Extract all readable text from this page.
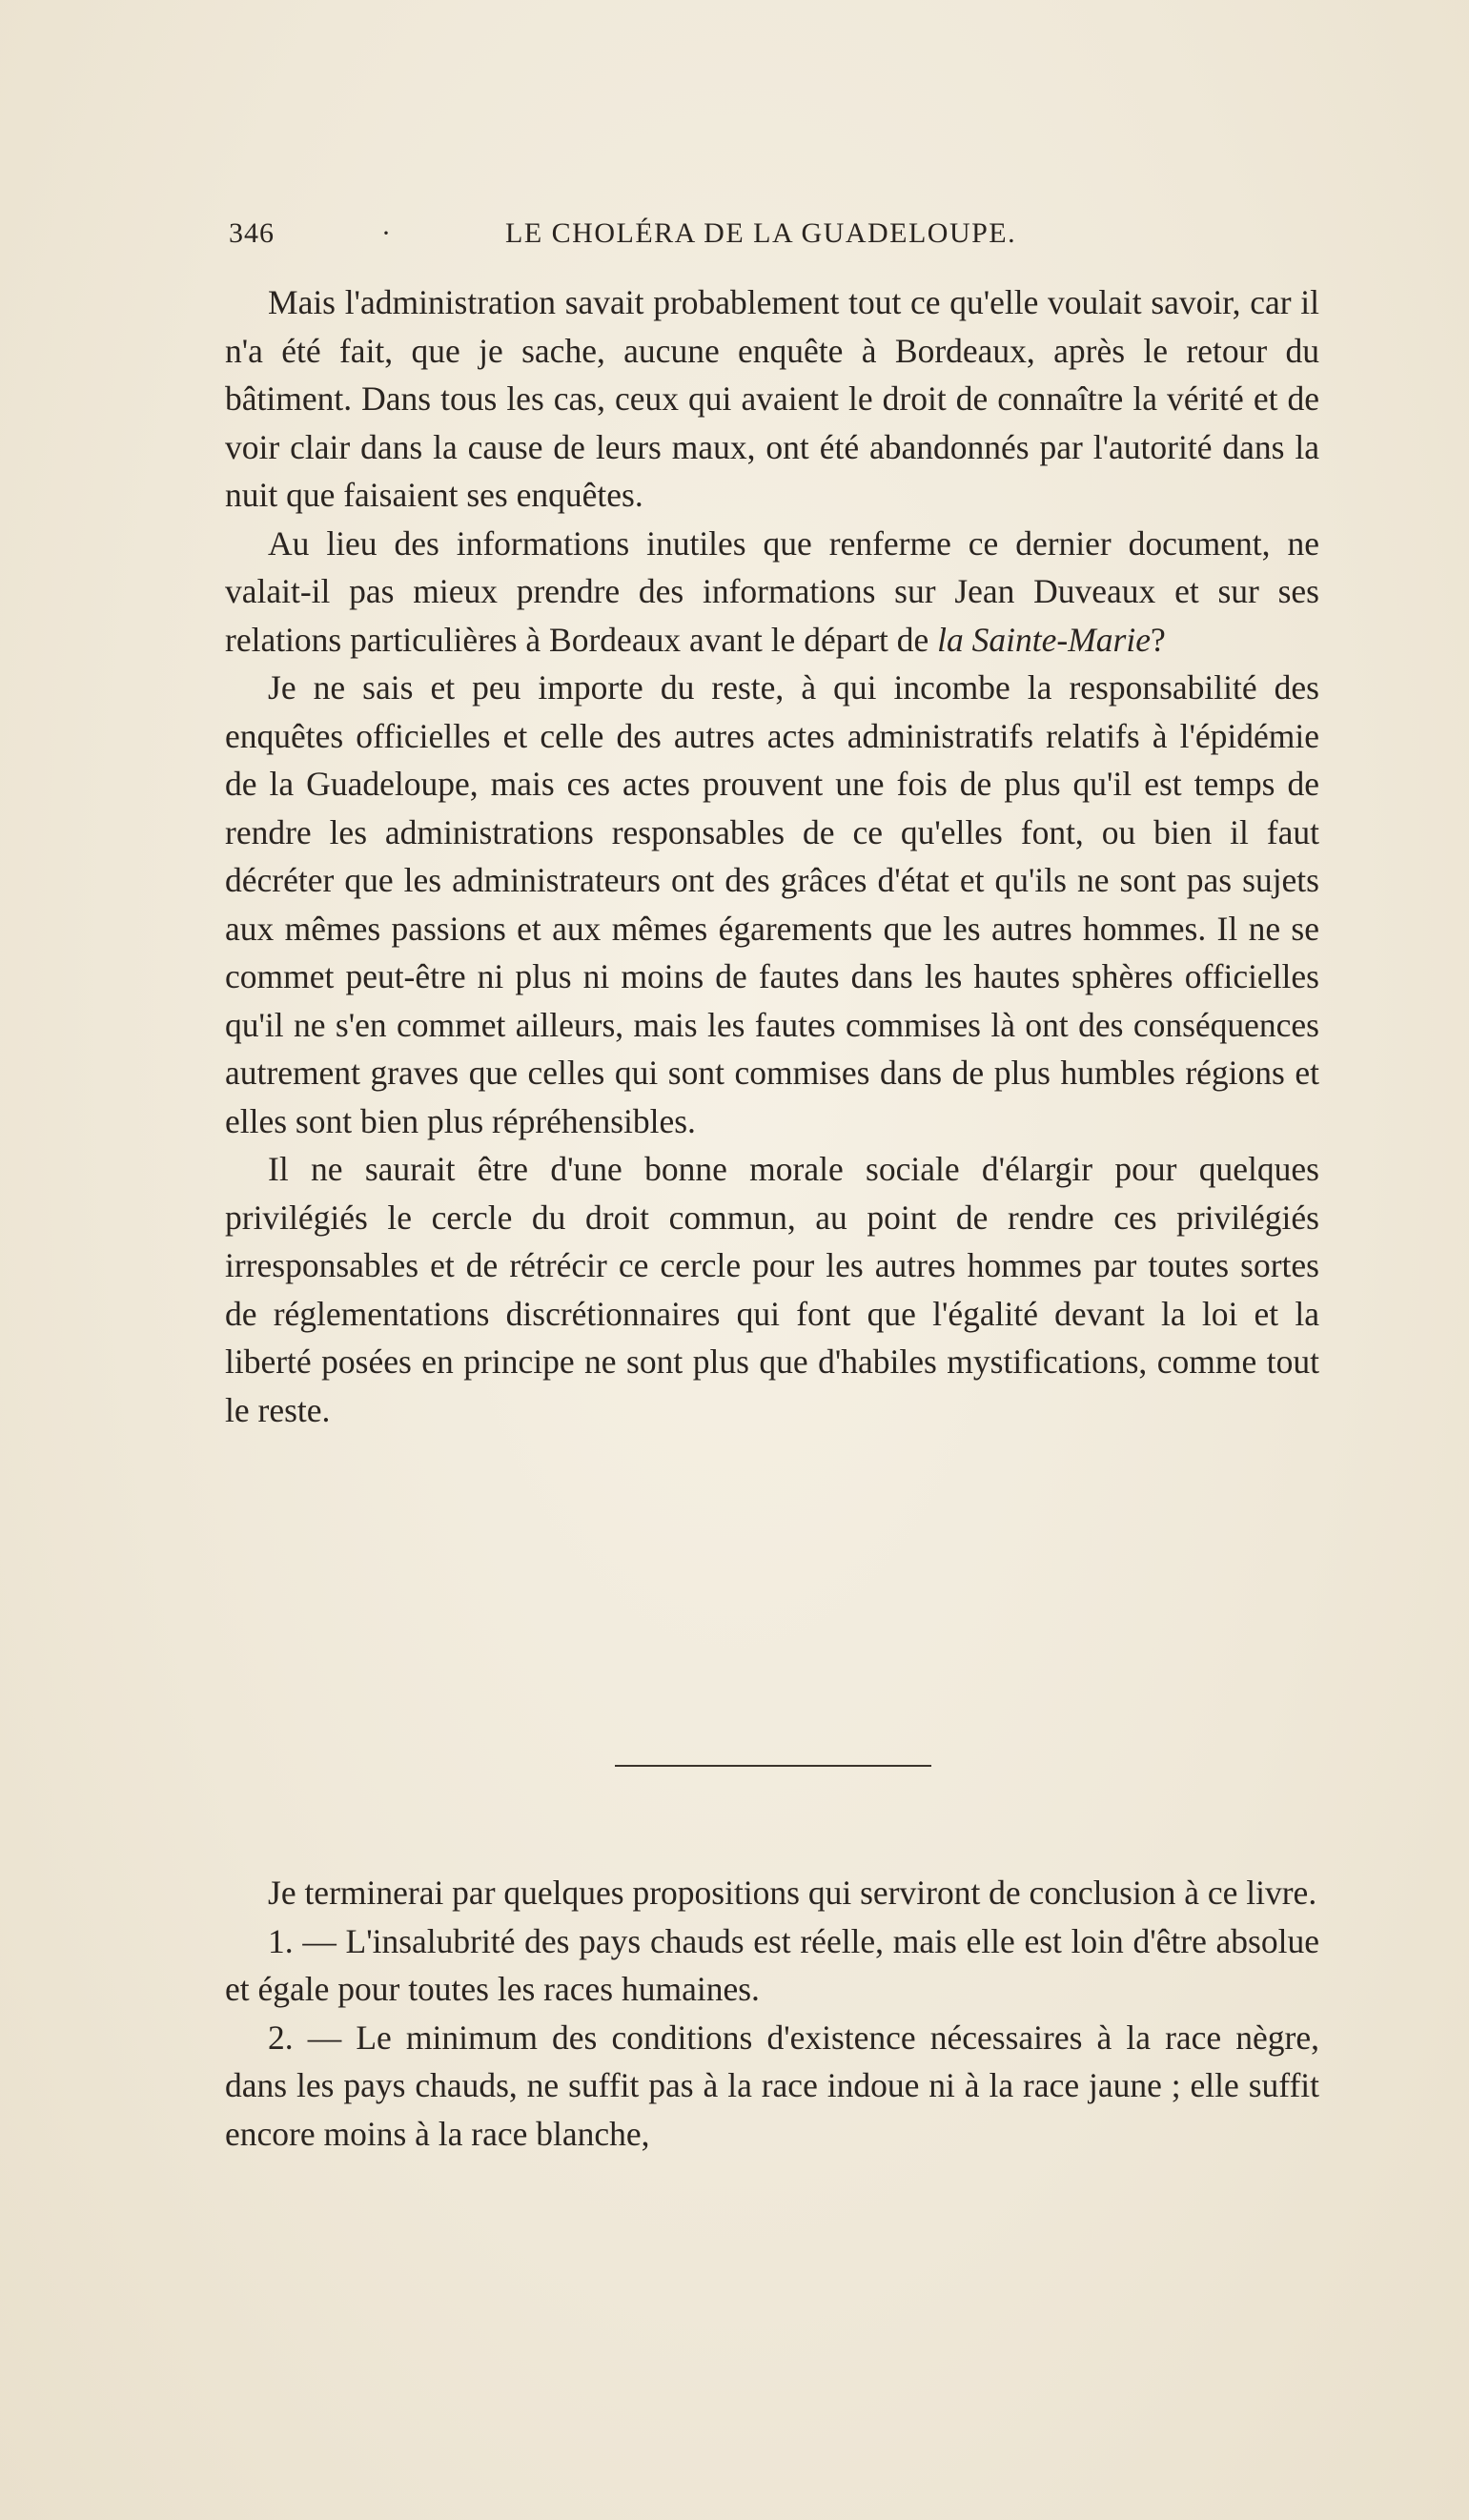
346	·	LE CHOLÉRA DE LA GUADELOUPE.

Mais l'administration savait probablement tout ce qu'elle voulait savoir, car il n'a été fait, que je sache, aucune enquête à Bordeaux, après le retour du bâtiment. Dans tous les cas, ceux qui avaient le droit de connaître la vérité et de voir clair dans la cause de leurs maux, ont été abandonnés par l'autorité dans la nuit que faisaient ses enquêtes.

Au lieu des informations inutiles que renferme ce dernier document, ne valait-il pas mieux prendre des informations sur Jean Duveaux et sur ses relations particulières à Bordeaux avant le départ de la Sainte-Marie?

Je ne sais et peu importe du reste, à qui incombe la responsabilité des enquêtes officielles et celle des autres actes administratifs relatifs à l'épidémie de la Guadeloupe, mais ces actes prouvent une fois de plus qu'il est temps de rendre les administrations responsables de ce qu'elles font, ou bien il faut décréter que les administrateurs ont des grâces d'état et qu'ils ne sont pas sujets aux mêmes passions et aux mêmes égarements que les autres hommes. Il ne se commet peut-être ni plus ni moins de fautes dans les hautes sphères officielles qu'il ne s'en commet ailleurs, mais les fautes commises là ont des conséquences autrement graves que celles qui sont commises dans de plus humbles régions et elles sont bien plus répréhensibles.

Il ne saurait être d'une bonne morale sociale d'élargir pour quelques privilégiés le cercle du droit commun, au point de rendre ces privilégiés irresponsables et de rétrécir ce cercle pour les autres hommes par toutes sortes de réglementations discrétionnaires qui font que l'égalité devant la loi et la liberté posées en principe ne sont plus que d'habiles mystifications, comme tout le reste.

Je terminerai par quelques propositions qui serviront de conclusion à ce livre.

1. — L'insalubrité des pays chauds est réelle, mais elle est loin d'être absolue et égale pour toutes les races humaines.

2. — Le minimum des conditions d'existence nécessaires à la race nègre, dans les pays chauds, ne suffit pas à la race indoue ni à la race jaune ; elle suffit encore moins à la race blanche,
